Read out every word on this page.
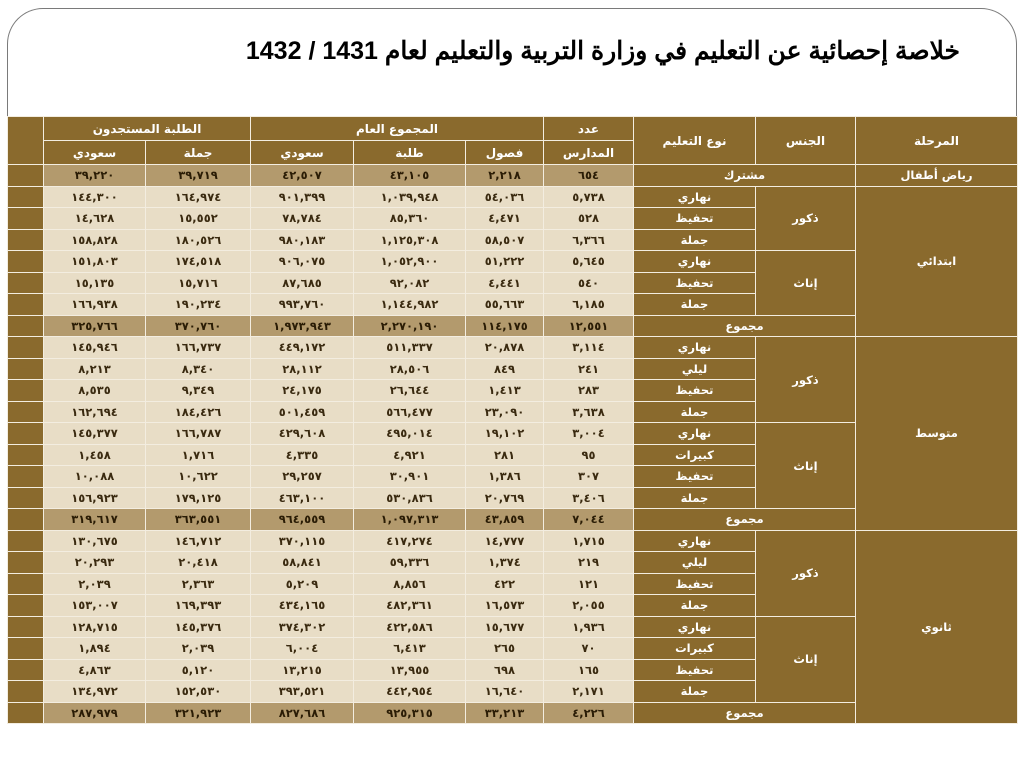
خلاصة إحصائية عن التعليم في وزارة التربية والتعليم لعام 1431 / 1432
المرحلة	الجنس	نوع التعليم	عدد	المجموع العام			الطلبة المستجدون		
			المدارس	فصول	طلبة	سعودي	جملة	سعودي	
رياض أطفال	مشترك		٦٥٤	٢,٢١٨	٤٣,١٠٥	٤٢,٥٠٧	٣٩,٧١٩	٣٩,٢٢٠	
ابتدائي	ذكور	نهاري	٥,٧٣٨	٥٤,٠٣٦	١,٠٣٩,٩٤٨	٩٠١,٣٩٩	١٦٤,٩٧٤	١٤٤,٣٠٠	
		تحفيظ	٥٢٨	٤,٤٧١	٨٥,٣٦٠	٧٨,٧٨٤	١٥,٥٥٢	١٤,٦٢٨	
		جملة	٦,٣٦٦	٥٨,٥٠٧	١,١٢٥,٣٠٨	٩٨٠,١٨٣	١٨٠,٥٢٦	١٥٨,٨٢٨	
	إناث	نهاري	٥,٦٤٥	٥١,٢٢٢	١,٠٥٢,٩٠٠	٩٠٦,٠٧٥	١٧٤,٥١٨	١٥١,٨٠٣	
		تحفيظ	٥٤٠	٤,٤٤١	٩٢,٠٨٢	٨٧,٦٨٥	١٥,٧١٦	١٥,١٣٥	
		جملة	٦,١٨٥	٥٥,٦٦٣	١,١٤٤,٩٨٢	٩٩٣,٧٦٠	١٩٠,٢٣٤	١٦٦,٩٣٨	
	مجموع		١٢,٥٥١	١١٤,١٧٥	٢,٢٧٠,١٩٠	١,٩٧٣,٩٤٣	٣٧٠,٧٦٠	٣٢٥,٧٦٦	
متوسط	ذكور	نهاري	٣,١١٤	٢٠,٨٧٨	٥١١,٣٣٧	٤٤٩,١٧٢	١٦٦,٧٣٧	١٤٥,٩٤٦	
		ليلي	٢٤١	٨٤٩	٢٨,٥٠٦	٢٨,١١٢	٨,٣٤٠	٨,٢١٣	
		تحفيظ	٢٨٣	١,٤١٣	٢٦,٦٤٤	٢٤,١٧٥	٩,٣٤٩	٨,٥٣٥	
		جملة	٣,٦٣٨	٢٣,٠٩٠	٥٦٦,٤٧٧	٥٠١,٤٥٩	١٨٤,٤٢٦	١٦٢,٦٩٤	
	إناث	نهاري	٣,٠٠٤	١٩,١٠٢	٤٩٥,٠١٤	٤٢٩,٦٠٨	١٦٦,٧٨٧	١٤٥,٣٧٧	
		كبيرات	٩٥	٢٨١	٤,٩٢١	٤,٣٣٥	١,٧١٦	١,٤٥٨	
		تحفيظ	٣٠٧	١,٣٨٦	٣٠,٩٠١	٢٩,٢٥٧	١٠,٦٢٢	١٠,٠٨٨	
		جملة	٣,٤٠٦	٢٠,٧٦٩	٥٣٠,٨٣٦	٤٦٣,١٠٠	١٧٩,١٢٥	١٥٦,٩٢٣	
	مجموع		٧,٠٤٤	٤٣,٨٥٩	١,٠٩٧,٣١٣	٩٦٤,٥٥٩	٣٦٣,٥٥١	٣١٩,٦١٧	
ثانوي	ذكور	نهاري	١,٧١٥	١٤,٧٧٧	٤١٧,٢٧٤	٣٧٠,١١٥	١٤٦,٧١٢	١٣٠,٦٧٥	
		ليلي	٢١٩	١,٣٧٤	٥٩,٣٣٦	٥٨,٨٤١	٢٠,٤١٨	٢٠,٢٩٣	
		تحفيظ	١٢١	٤٢٢	٨,٨٥٦	٥,٢٠٩	٢,٣٦٣	٢,٠٣٩	
		جملة	٢,٠٥٥	١٦,٥٧٣	٤٨٢,٣٦١	٤٣٤,١٦٥	١٦٩,٣٩٣	١٥٣,٠٠٧	
	إناث	نهاري	١,٩٣٦	١٥,٦٧٧	٤٢٢,٥٨٦	٣٧٤,٣٠٢	١٤٥,٣٧٦	١٢٨,٧١٥	
		كبيرات	٧٠	٢٦٥	٦,٤١٣	٦,٠٠٤	٢,٠٣٩	١,٨٩٤	
		تحفيظ	١٦٥	٦٩٨	١٣,٩٥٥	١٣,٢١٥	٥,١٢٠	٤,٨٦٣	
		جملة	٢,١٧١	١٦,٦٤٠	٤٤٢,٩٥٤	٣٩٣,٥٢١	١٥٢,٥٣٠	١٣٤,٩٧٢	
	مجموع		٤,٢٢٦	٣٣,٢١٣	٩٢٥,٣١٥	٨٢٧,٦٨٦	٣٢١,٩٢٣	٢٨٧,٩٧٩	
